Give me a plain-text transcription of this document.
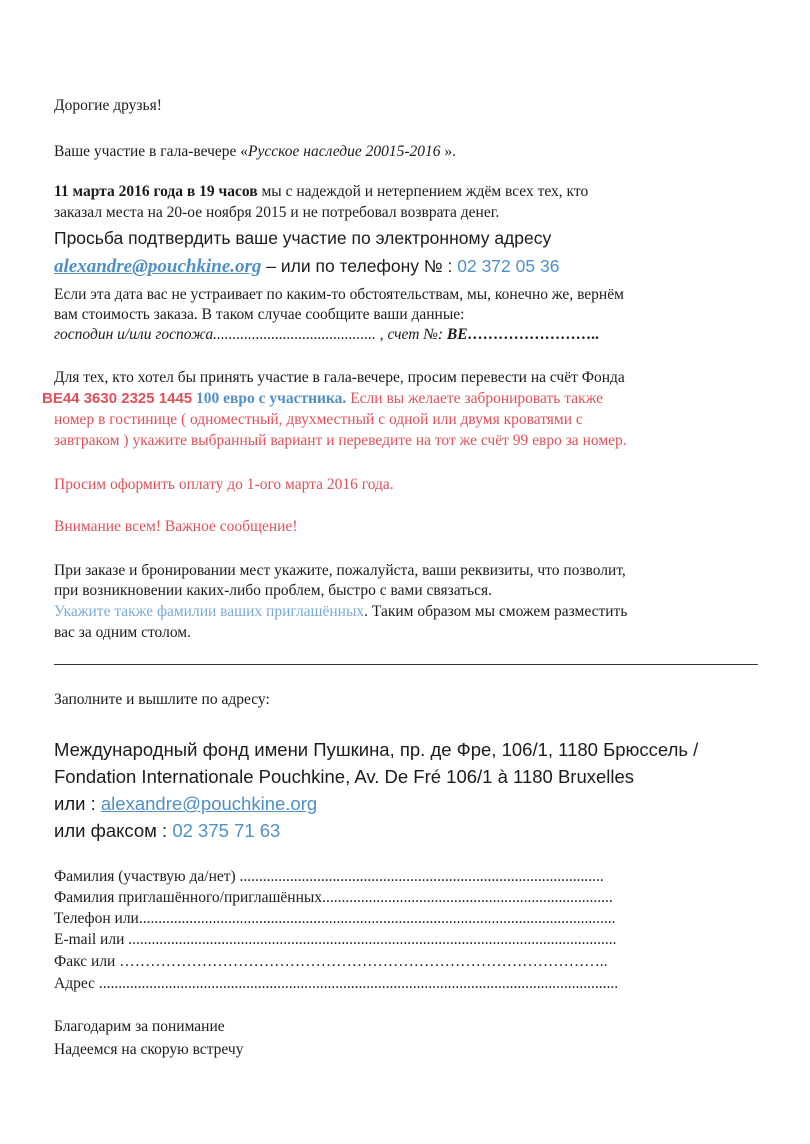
Дорогие друзья!
Ваше участие в гала-вечере «Русское наследие 20015-2016 ».
11 марта 2016 года в 19 часов мы с надеждой и нетерпением ждём всех тех, кто
заказал места на 20-ое ноября 2015 и не потребовал возврата денег.
Просьба подтвердить ваше участие по электронному адресу
alexandre@pouchkine.org – или по телефону № : 02 372 05 36
Если эта дата вас не устраивает по каким-то обстоятельствам, мы, конечно же, вернём
вам стоимость заказа. В таком случае сообщите ваши данные:
господин и/или госпожа.......................................... , счет №: BE……………………..
Для тех, кто хотел бы принять участие в гала-вечере, просим перевести на счёт Фонда
BE44 3630 2325 1445 100 евро с участника. Если вы желаете забронировать также
номер в гостинице ( одноместный, двухместный с одной или двумя кроватями с
завтраком ) укажите выбранный вариант и переведите на тот же счёт 99 евро за номер.
Просим оформить оплату до 1-ого марта 2016 года.
Внимание всем! Важное сообщение!
При заказе и бронировании мест укажите, пожалуйста, ваши реквизиты, что позволит,
при возникновении каких-либо проблем, быстро с вами связаться.
Укажите также фамилии ваших приглашённых. Таким образом мы сможем разместить
вас за одним столом.
Заполните и вышлите по адресу:
Международный фонд имени Пушкина, пр. де Фре, 106/1, 1180 Брюссель /
Fondation Internationale Pouchkine, Av. De Fré 106/1 à 1180 Bruxelles
или : alexandre@pouchkine.org
или факсом : 02 375 71 63
Фамилия (участвую да/нет) ..............................................................................................
Фамилия приглашённого/приглашённых...........................................................................
Телефон или...........................................................................................................................
E-mail или ..............................................................................................................................
Факс или …………………………………………………………………………………..
Адрес ......................................................................................................................................
Благодарим за понимание
Надеемся на скорую встречу
